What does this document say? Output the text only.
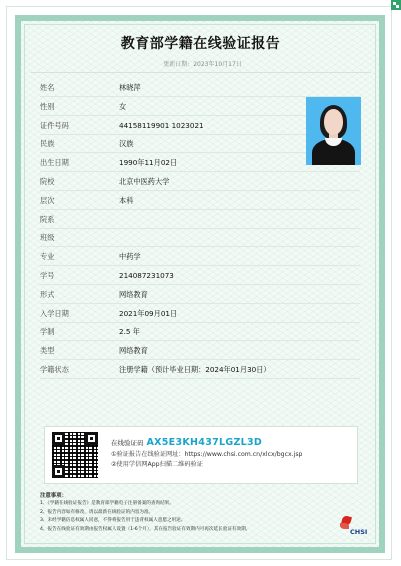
教育部学籍在线验证报告
更新日期: 2023年10月17日
姓名	林晓萍
性别	女
证件号码	44158119901 1023021
民族	汉族
出生日期	1990年11月02日
院校	北京中医药大学
层次	本科
院系
班级
专业	中药学
学号	214087231073
形式	网络教育
入学日期	2021年09月01日
学制	2.5 年
类型	网络教育
学籍状态	注册学籍（预计毕业日期：2024年01月30日）
在线验证码 AX5E3KH437LGZL3D
①验证报告在线验证网址：https://www.chsi.com.cn/xlcx/bgcx.jsp
②使用学信网App扫描二维码验证
注意事项：
1、《学籍在线验证报告》是教育部学籍电子注册备案的查询结果。
2、报告内容如有修改，请以最新在线验证的内容为准。
3、未经学籍信息权属人同意，不得将报告用于违背权属人意愿之用途。
4、报告在线验证有效期由报告权属人设置（1-6个月），其在报告验证有效期内可再次延长验证有效期。	CHSI
